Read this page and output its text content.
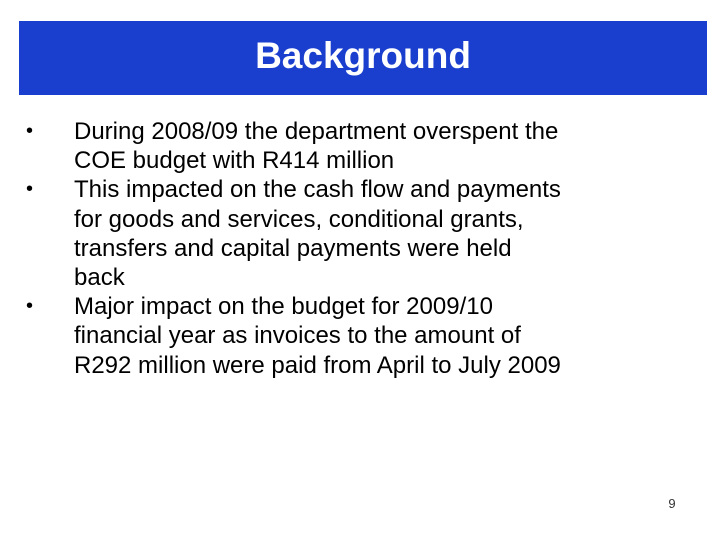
Background
•	During 2008/09 the department overspent the
COE budget with R414 million
•	This impacted on the cash flow and payments
for goods and services, conditional grants,
transfers and capital payments were held
back
•	Major impact on the budget for 2009/10
financial year as invoices to the amount of
R292 million were paid from April to July 2009
9
